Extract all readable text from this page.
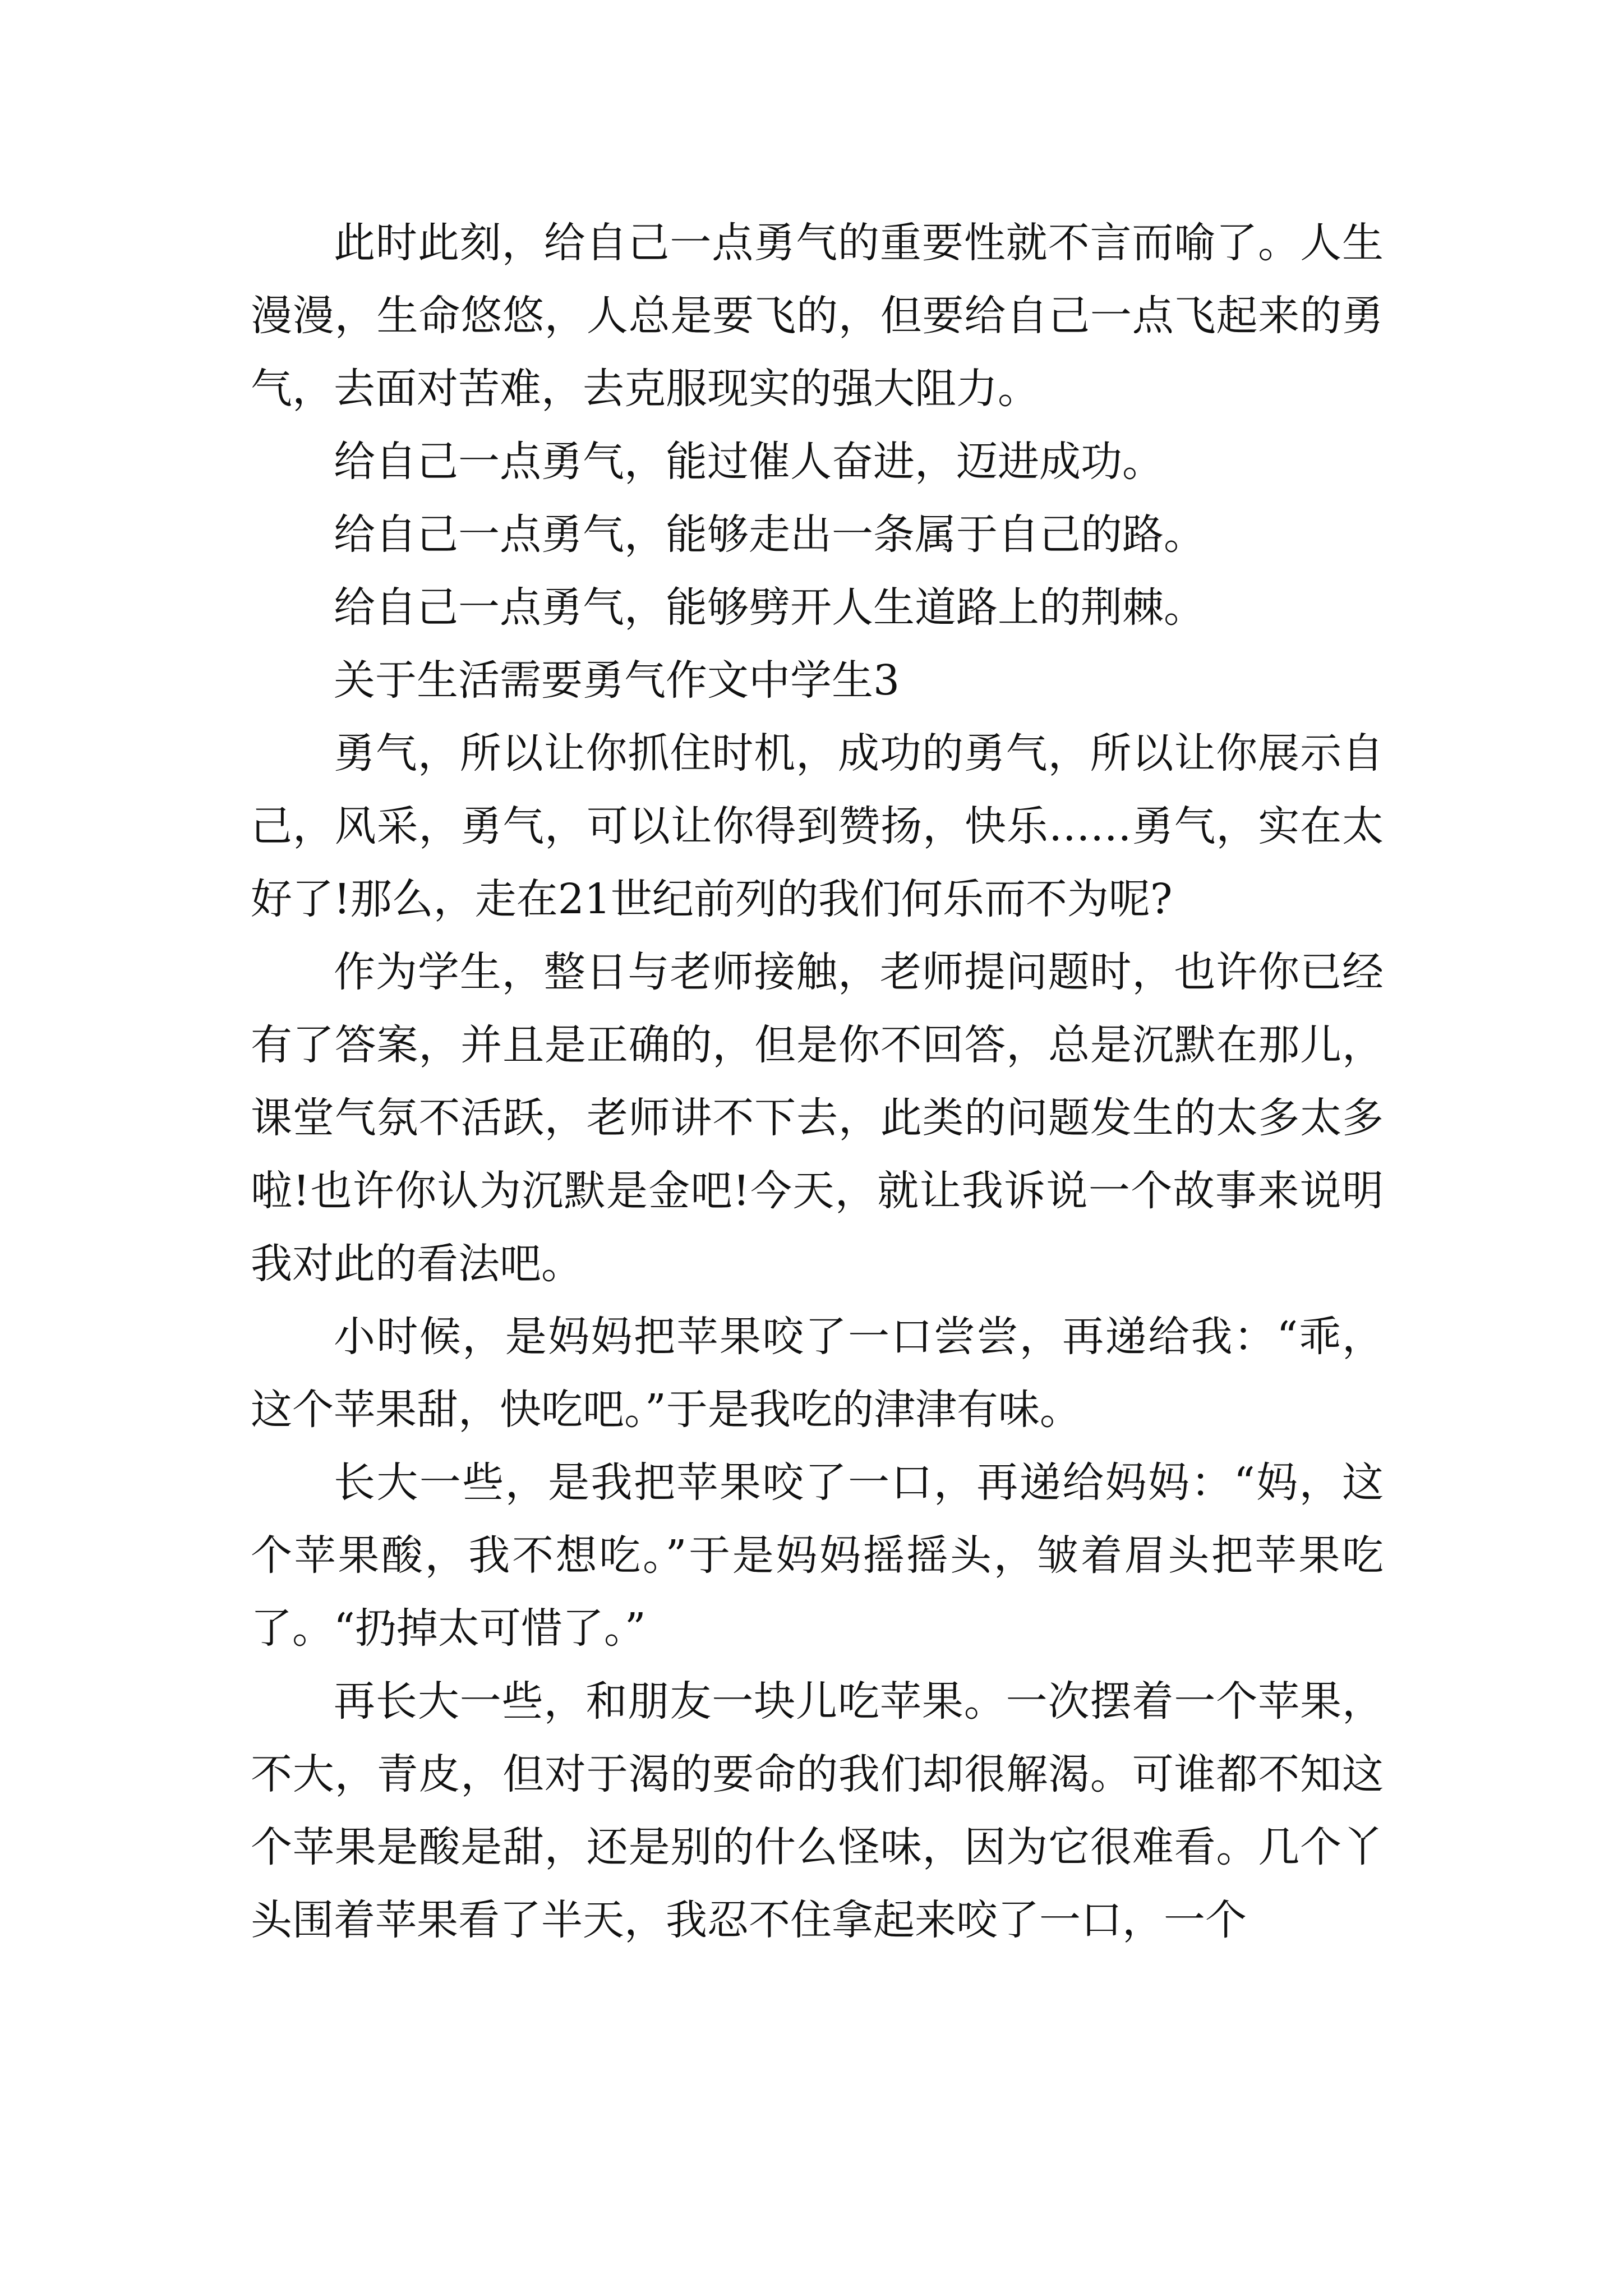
此时此刻，给自己一点勇气的重要性就不言而喻了。人生漫漫，生命悠悠，人总是要飞的，但要给自己一点飞起来的勇气，去面对苦难，去克服现实的强大阻力。

给自己一点勇气，能过催人奋进，迈进成功。

给自己一点勇气，能够走出一条属于自己的路。

给自己一点勇气，能够劈开人生道路上的荆棘。

关于生活需要勇气作文中学生3

勇气，所以让你抓住时机，成功的勇气，所以让你展示自己，风采，勇气，可以让你得到赞扬，快乐……勇气，实在太好了!那么，走在21世纪前列的我们何乐而不为呢?

作为学生，整日与老师接触，老师提问题时，也许你已经有了答案，并且是正确的，但是你不回答，总是沉默在那儿，课堂气氛不活跃，老师讲不下去，此类的问题发生的太多太多啦!也许你认为沉默是金吧!今天，就让我诉说一个故事来说明我对此的看法吧。

小时候，是妈妈把苹果咬了一口尝尝，再递给我：“乖，这个苹果甜，快吃吧。”于是我吃的津津有味。

长大一些，是我把苹果咬了一口，再递给妈妈：“妈，这个苹果酸，我不想吃。”于是妈妈摇摇头，皱着眉头把苹果吃了。“扔掉太可惜了。”

再长大一些，和朋友一块儿吃苹果。一次摆着一个苹果，不大，青皮，但对于渴的要命的我们却很解渴。可谁都不知这个苹果是酸是甜，还是别的什么怪味，因为它很难看。几个丫头围着苹果看了半天，我忍不住拿起来咬了一口，一个
